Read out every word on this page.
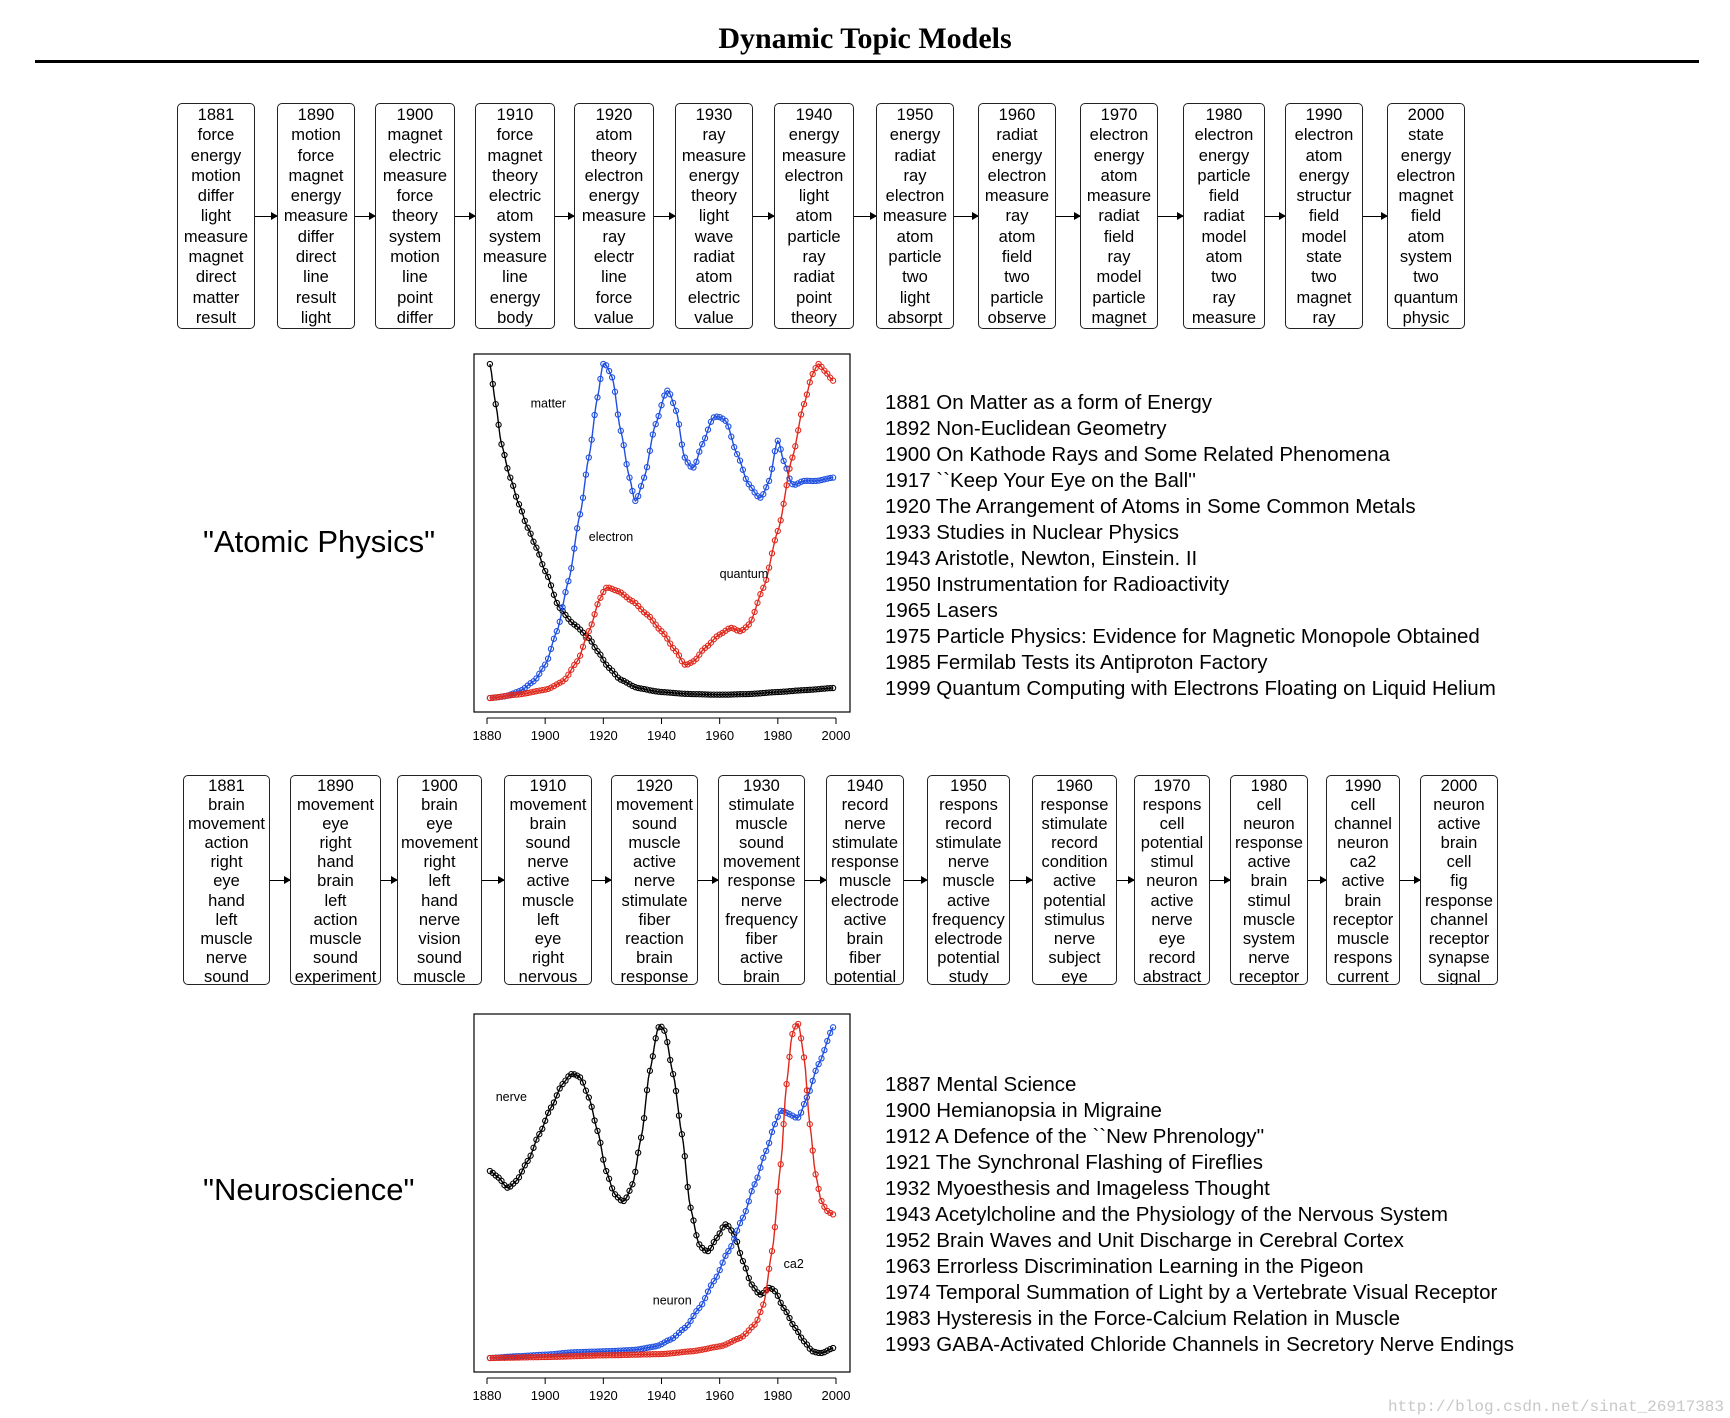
Dynamic Topic Models
1881
force
energy
motion
differ
light
measure
magnet
direct
matter
result
1890
motion
force
magnet
energy
measure
differ
direct
line
result
light
1900
magnet
electric
measure
force
theory
system
motion
line
point
differ
1910
force
magnet
theory
electric
atom
system
measure
line
energy
body
1920
atom
theory
electron
energy
measure
ray
electr
line
force
value
1930
ray
measure
energy
theory
light
wave
radiat
atom
electric
value
1940
energy
measure
electron
light
atom
particle
ray
radiat
point
theory
1950
energy
radiat
ray
electron
measure
atom
particle
two
light
absorpt
1960
radiat
energy
electron
measure
ray
atom
field
two
particle
observe
1970
electron
energy
atom
measure
radiat
field
ray
model
particle
magnet
1980
electron
energy
particle
field
radiat
model
atom
two
ray
measure
1990
electron
atom
energy
structur
field
model
state
two
magnet
ray
2000
state
energy
electron
magnet
field
atom
system
two
quantum
physic
"Atomic Physics"
1880 1900 1920 1940 1960 1980 2000
matter
electron
quantum
1881 On Matter as a form of Energy
1892 Non-Euclidean Geometry
1900 On Kathode Rays and Some Related Phenomena
1917 ``Keep Your Eye on the Ball''
1920 The Arrangement of Atoms in Some Common Metals
1933 Studies in Nuclear Physics
1943 Aristotle, Newton, Einstein. II
1950 Instrumentation for Radioactivity
1965 Lasers
1975 Particle Physics: Evidence for Magnetic Monopole Obtained
1985 Fermilab Tests its Antiproton Factory
1999 Quantum Computing with Electrons Floating on Liquid Helium
1881
brain
movement
action
right
eye
hand
left
muscle
nerve
sound
1890
movement
eye
right
hand
brain
left
action
muscle
sound
experiment
1900
brain
eye
movement
right
left
hand
nerve
vision
sound
muscle
1910
movement
brain
sound
nerve
active
muscle
left
eye
right
nervous
1920
movement
sound
muscle
active
nerve
stimulate
fiber
reaction
brain
response
1930
stimulate
muscle
sound
movement
response
nerve
frequency
fiber
active
brain
1940
record
nerve
stimulate
response
muscle
electrode
active
brain
fiber
potential
1950
respons
record
stimulate
nerve
muscle
active
frequency
electrode
potential
study
1960
response
stimulate
record
condition
active
potential
stimulus
nerve
subject
eye
1970
respons
cell
potential
stimul
neuron
active
nerve
eye
record
abstract
1980
cell
neuron
response
active
brain
stimul
muscle
system
nerve
receptor
1990
cell
channel
neuron
ca2
active
brain
receptor
muscle
respons
current
2000
neuron
active
brain
cell
fig
response
channel
receptor
synapse
signal
"Neuroscience"
1880 1900 1920 1940 1960 1980 2000
nerve
neuron
ca2
1887 Mental Science
1900 Hemianopsia in Migraine
1912 A Defence of the ``New Phrenology''
1921 The Synchronal Flashing of Fireflies
1932 Myoesthesis and Imageless Thought
1943 Acetylcholine and the Physiology of the Nervous System
1952 Brain Waves and Unit Discharge in Cerebral Cortex
1963 Errorless Discrimination Learning in the Pigeon
1974 Temporal Summation of Light by a Vertebrate Visual Receptor
1983 Hysteresis in the Force-Calcium Relation in Muscle
1993 GABA-Activated Chloride Channels in Secretory Nerve Endings
http://blog.csdn.net/sinat_26917383
